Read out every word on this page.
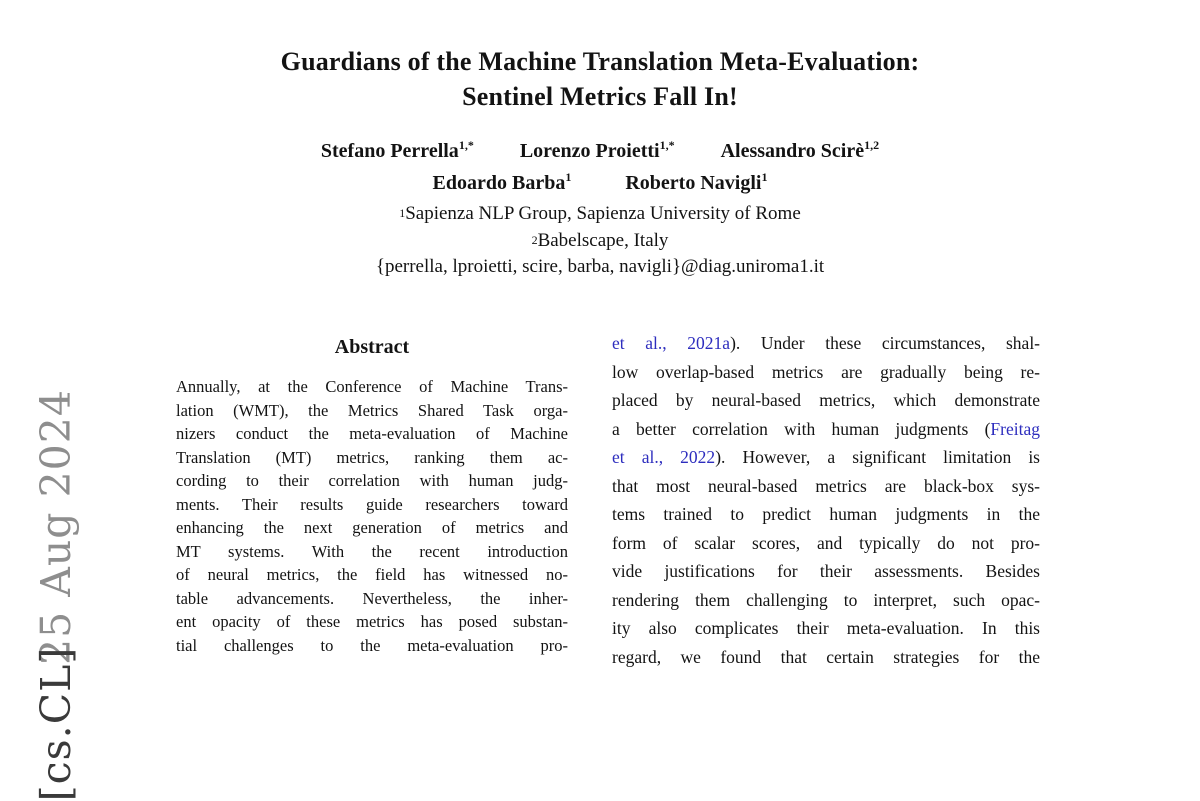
25 Aug 2024
[cs.CL]
Guardians of the Machine Translation Meta-Evaluation:
Sentinel Metrics Fall In!
Stefano Perrella$^{1,*}$ Lorenzo Proietti$^{1,*}$ Alessandro Scirè$^{1,2}$
Edoardo Barba$^1$	Roberto Navigli$^1$
$^1$Sapienza NLP Group, Sapienza University of Rome
$^2$Babelscape, Italy
{perrella, lproietti, scire, barba, navigli}@diag.uniroma1.it
Abstract
Annually, at the Conference of Machine Trans-
lation (WMT), the Metrics Shared Task orga-
nizers conduct the meta-evaluation of Machine
Translation (MT) metrics, ranking them ac-
cording to their correlation with human judg-
ments. Their results guide researchers toward
enhancing the next generation of metrics and
MT systems. With the recent introduction
of neural metrics, the field has witnessed no-
table advancements. Nevertheless, the inher-
ent opacity of these metrics has posed substan-
tial challenges to the meta-evaluation pro-
et al., 2021a). Under these circumstances, shal-
low overlap-based metrics are gradually being re-
placed by neural-based metrics, which demonstrate
a better correlation with human judgments (Freitag
et al., 2022). However, a significant limitation is
that most neural-based metrics are black-box sys-
tems trained to predict human judgments in the
form of scalar scores, and typically do not pro-
vide justifications for their assessments. Besides
rendering them challenging to interpret, such opac-
ity also complicates their meta-evaluation. In this
regard, we found that certain strategies for the
